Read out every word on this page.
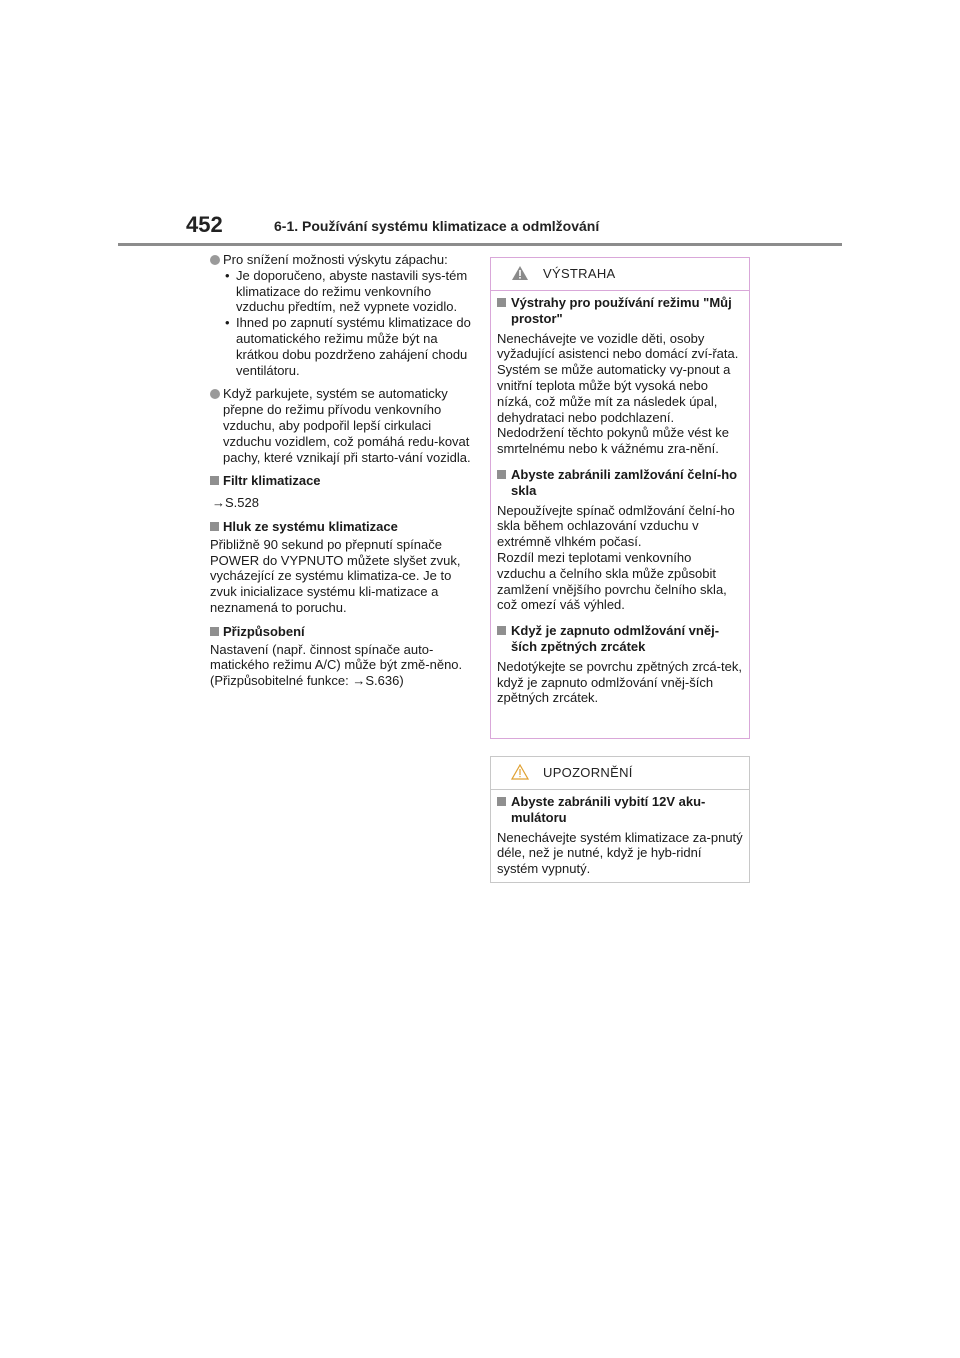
452	6-1. Používání systému klimatizace a odmlžování
Pro snížení možnosti výskytu zápachu:
• Je doporučeno, abyste nastavili sys-tém klimatizace do režimu venkovního vzduchu předtím, než vypnete vozidlo.
• Ihned po zapnutí systému klimatizace do automatického režimu může být na krátkou dobu pozdrženo zahájení chodu ventilátoru.
Když parkujete, systém se automaticky přepne do režimu přívodu venkovního vzduchu, aby podpořil lepší cirkulaci vzduchu vozidlem, což pomáhá redu-kovat pachy, které vznikají při starto-vání vozidla.
Filtr klimatizace
→S.528
Hluk ze systému klimatizace
Přibližně 90 sekund po přepnutí spínače POWER do VYPNUTO můžete slyšet zvuk, vycházející ze systému klimatiza-ce. Je to zvuk inicializace systému kli-matizace a neznamená to poruchu.
Přizpůsobení
Nastavení (např. činnost spínače auto-matického režimu A/C) může být změ-něno.
(Přizpůsobitelné funkce: →S.636)
VÝSTRAHA
Výstrahy pro používání režimu "Můj prostor"
Nenechávejte ve vozidle děti, osoby vyžadující asistenci nebo domácí zví-řata. Systém se může automaticky vy-pnout a vnitřní teplota může být vysoká nebo nízká, což může mít za následek úpal, dehydrataci nebo podchlazení. Nedodržení těchto pokynů může vést ke smrtelnému nebo k vážnému zra-nění.
Abyste zabránili zamlžování čelní-ho skla
Nepoužívejte spínač odmlžování čelní-ho skla během ochlazování vzduchu v extrémně vlhkém počasí.
Rozdíl mezi teplotami venkovního vzduchu a čelního skla může způsobit zamlžení vnějšího povrchu čelního skla, což omezí váš výhled.
Když je zapnuto odmlžování vněj-ších zpětných zrcátek
Nedotýkejte se povrchu zpětných zrcá-tek, když je zapnuto odmlžování vněj-ších zpětných zrcátek.
UPOZORNĚNÍ
Abyste zabránili vybití 12V aku-mulátoru
Nenechávejte systém klimatizace za-pnutý déle, než je nutné, když je hyb-ridní systém vypnutý.
